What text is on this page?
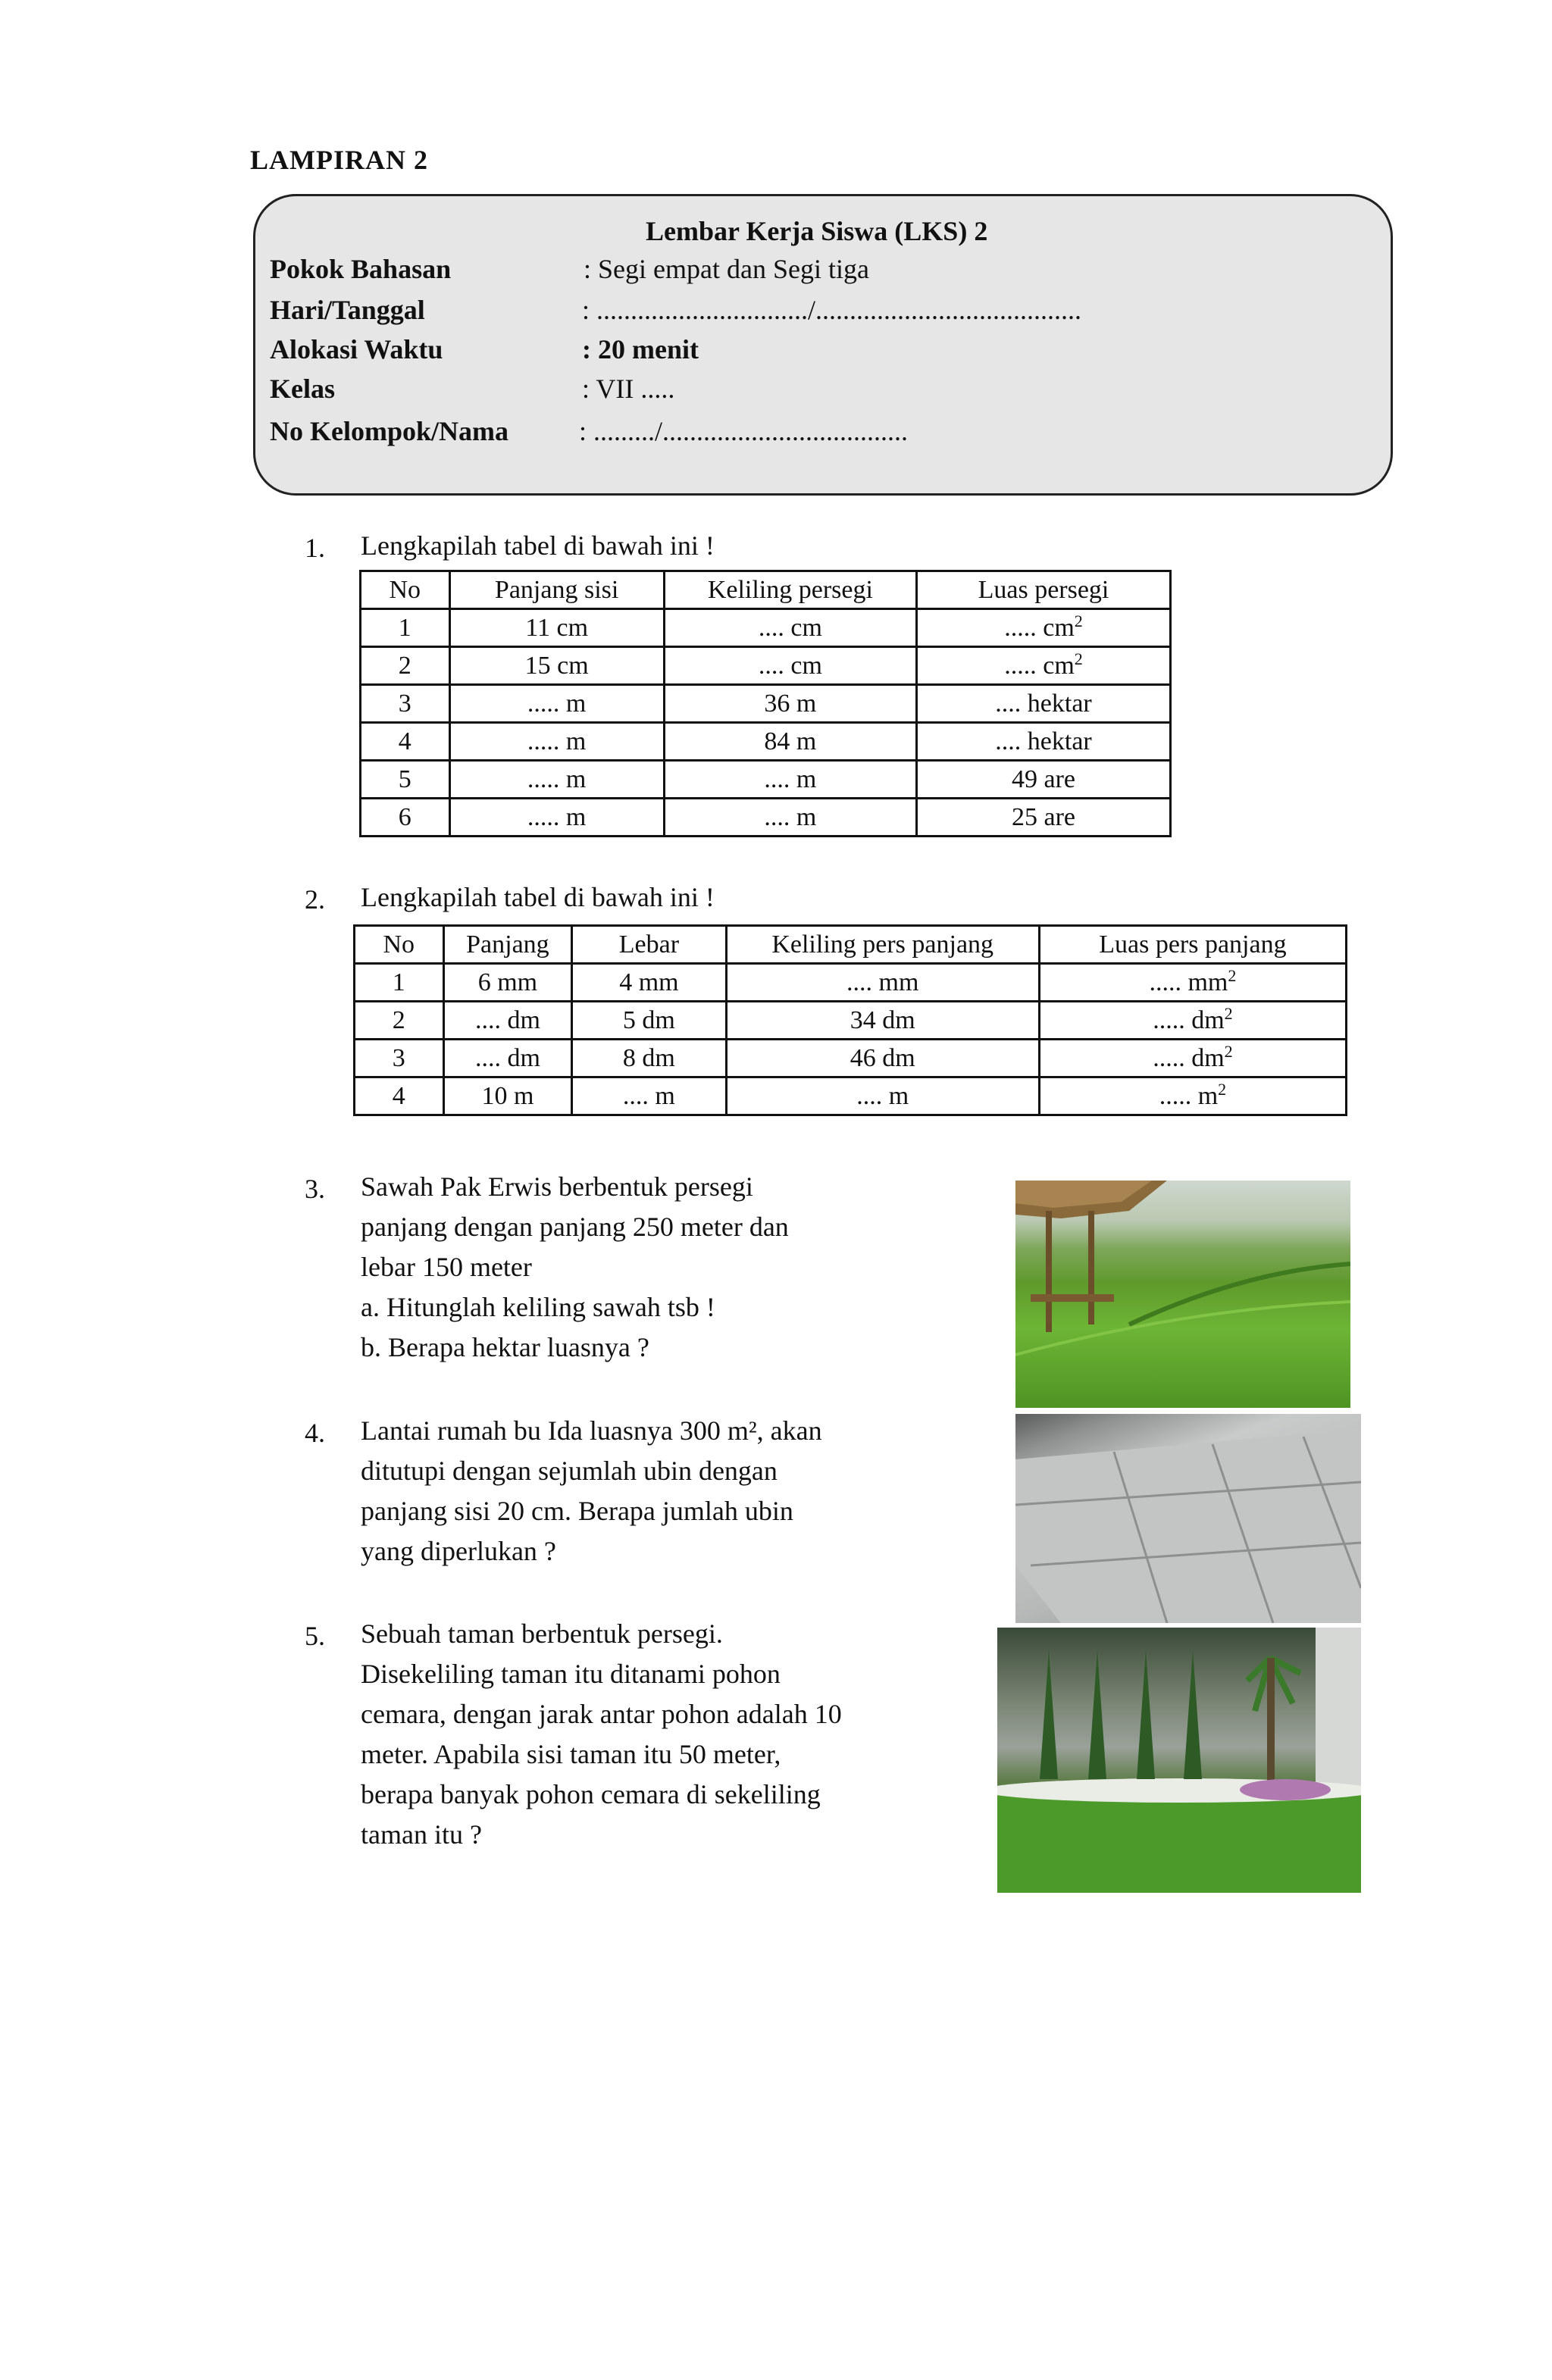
LAMPIRAN 2
Lembar Kerja Siswa (LKS) 2
Pokok Bahasan	: Segi empat dan Segi tiga
Hari/Tanggal	: .............................../.......................................
Alokasi Waktu	: 20 menit
Kelas	: VII .....
No Kelompok/Nama	: ........./....................................
1. Lengkapilah tabel di bawah ini !
No	Panjang sisi	Keliling persegi	Luas persegi
1	11 cm	.... cm	..... $cm^2$
2	15 cm	.... cm	..... $cm^2$
3	..... m	36 m	.... hektar
4	..... m	84 m	.... hektar
5	..... m	.... m	49 are
6	..... m	.... m	25 are
2. Lengkapilah tabel di bawah ini !
No	Panjang	Lebar	Keliling pers panjang	Luas pers panjang
1	6 mm	4 mm	.... mm	..... $mm^2$
2	.... dm	5 dm	34 dm	..... $dm^2$
3	.... dm	8 dm	46 dm	..... $dm^2$
4	10 m	.... m	.... m	..... $m^2$
3. Sawah Pak Erwis berbentuk persegi
panjang dengan panjang 250 meter dan
lebar 150 meter
a. Hitunglah keliling sawah tsb !
b. Berapa hektar luasnya ?
4. Lantai rumah bu Ida luasnya 300 m², akan
ditutupi dengan sejumlah ubin dengan
panjang sisi 20 cm. Berapa jumlah ubin
yang diperlukan ?
5. Sebuah taman berbentuk persegi.
Disekeliling taman itu ditanami pohon
cemara, dengan jarak antar pohon adalah 10
meter. Apabila sisi taman itu 50 meter,
berapa banyak pohon cemara di sekeliling
taman itu ?
